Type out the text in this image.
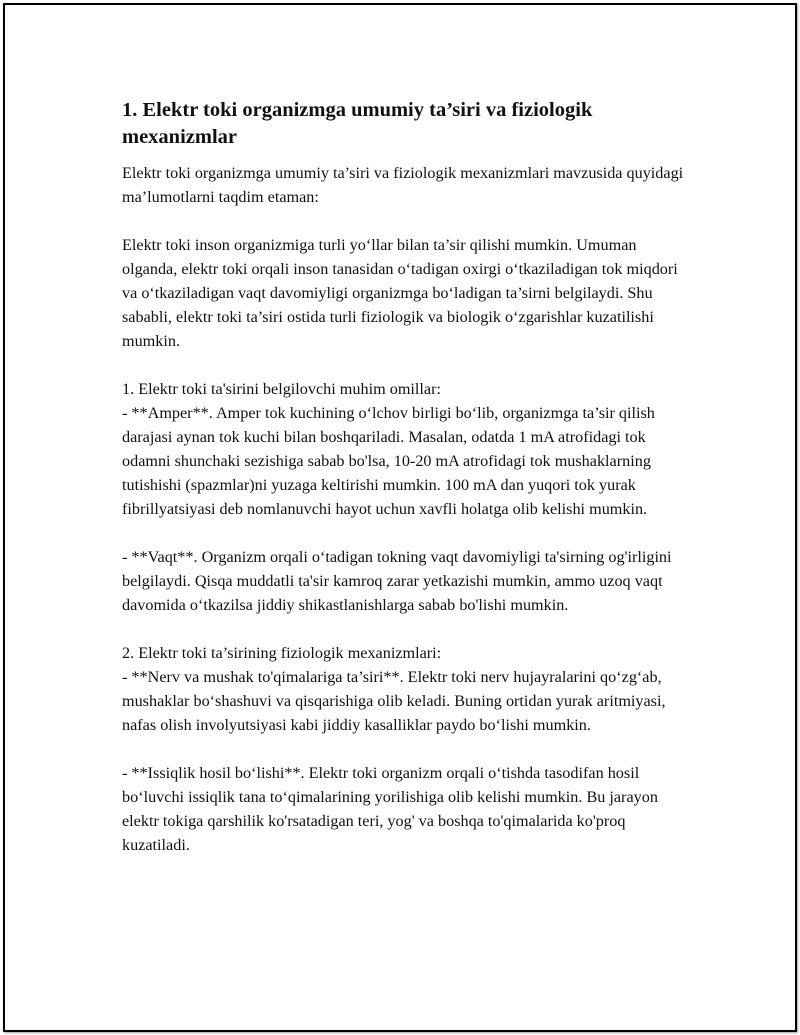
1. Elektr toki organizmga umumiy ta’siri va fiziologik mexanizmlar

Elektr toki organizmga umumiy ta’siri va fiziologik mexanizmlari mavzusida quyidagi ma’lumotlarni taqdim etaman:

Elektr toki inson organizmiga turli yo‘llar bilan ta’sir qilishi mumkin. Umuman olganda, elektr toki orqali inson tanasidan o‘tadigan oxirgi o‘tkaziladigan tok miqdori va o‘tkaziladigan vaqt davomiyligi organizmga bo‘ladigan ta’sirni belgilaydi. Shu sababli, elektr toki ta’siri ostida turli fiziologik va biologik o‘zgarishlar kuzatilishi mumkin.

1. Elektr toki ta'sirini belgilovchi muhim omillar:

- **Amper**. Amper tok kuchining o‘lchov birligi bo‘lib, organizmga ta’sir qilish darajasi aynan tok kuchi bilan boshqariladi. Masalan, odatda 1 mA atrofidagi tok odamni shunchaki sezishiga sabab bo'lsa, 10-20 mA atrofidagi tok mushaklarning tutishishi (spazmlar)ni yuzaga keltirishi mumkin. 100 mA dan yuqori tok yurak fibrillyatsiyasi deb nomlanuvchi hayot uchun xavfli holatga olib kelishi mumkin.

- **Vaqt**. Organizm orqali o‘tadigan tokning vaqt davomiyligi ta'sirning og'irligini belgilaydi. Qisqa muddatli ta'sir kamroq zarar yetkazishi mumkin, ammo uzoq vaqt davomida o‘tkazilsa jiddiy shikastlanishlarga sabab bo'lishi mumkin.

2. Elektr toki ta’sirining fiziologik mexanizmlari:

- **Nerv va mushak to'qimalariga ta’siri**. Elektr toki nerv hujayralarini qo‘zg‘ab, mushaklar bo‘shashuvi va qisqarishiga olib keladi. Buning ortidan yurak aritmiyasi, nafas olish involyutsiyasi kabi jiddiy kasalliklar paydo bo‘lishi mumkin.

- **Issiqlik hosil bo‘lishi**. Elektr toki organizm orqali o‘tishda tasodifan hosil bo‘luvchi issiqlik tana to‘qimalarining yorilishiga olib kelishi mumkin. Bu jarayon elektr tokiga qarshilik ko'rsatadigan teri, yog' va boshqa to'qimalarida ko'proq kuzatiladi.
